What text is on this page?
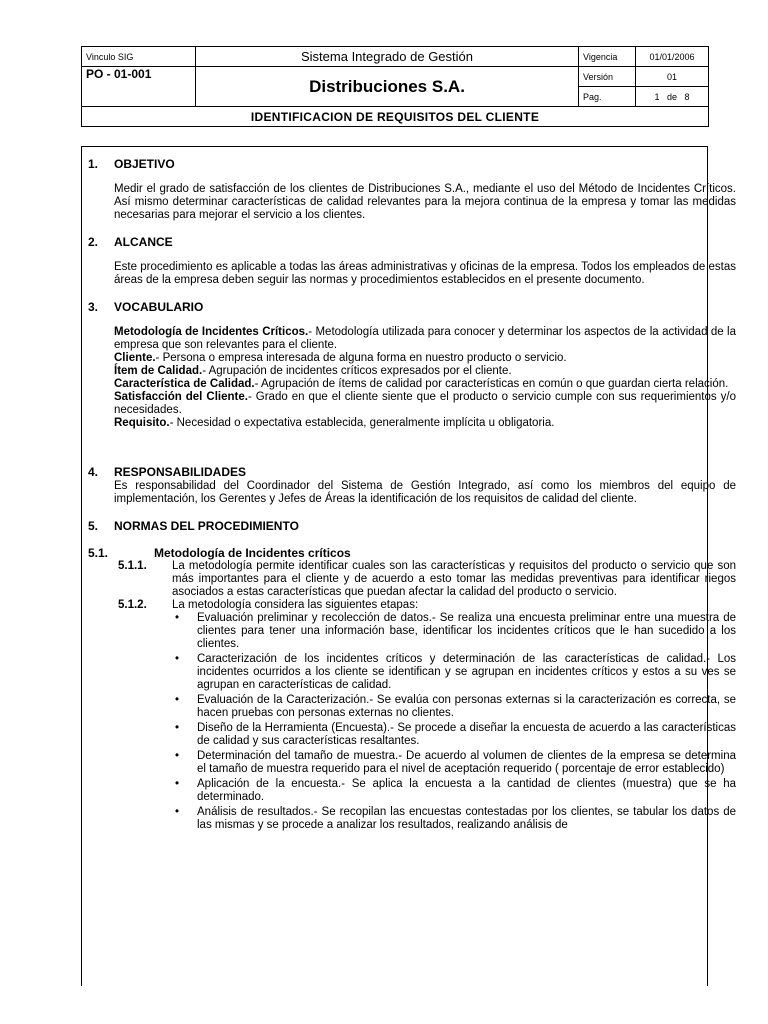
Vinculo SIG	Sistema Integrado de Gestión	Vigencia	01/01/2006
PO - 01-001	Distribuciones S.A.	Versión	01
		Pag.	1   de   8
IDENTIFICACION DE REQUISITOS DEL CLIENTE			
1. OBJETIVO
Medir el grado de satisfacción de los clientes de Distribuciones S.A., mediante el uso del Método de Incidentes Críticos. Así mismo determinar características de calidad relevantes para la mejora continua de la empresa y tomar las medidas necesarias para mejorar el servicio a los clientes.
2. ALCANCE
Este procedimiento es aplicable a todas las áreas administrativas y oficinas de la empresa. Todos los empleados de estas áreas de la empresa deben seguir las normas y procedimientos establecidos en el presente documento.
3. VOCABULARIO

Metodología de Incidentes Críticos.- Metodología utilizada para conocer y determinar los aspectos de la actividad de la empresa que son relevantes para el cliente.

Cliente.- Persona o empresa interesada de alguna forma en nuestro producto o servicio.

Ítem de Calidad.- Agrupación de incidentes críticos expresados por el cliente.

Característica de Calidad.- Agrupación de ítems de calidad por características en común o que guardan cierta relación.

Satisfacción del Cliente.- Grado en que el cliente siente que el producto o servicio cumple con sus requerimientos y/o necesidades.

Requisito.- Necesidad o expectativa establecida, generalmente implícita u obligatoria.

4. RESPONSABILIDADES
Es responsabilidad del Coordinador del Sistema de Gestión Integrado, así como los miembros del equipo de implementación, los Gerentes y Jefes de Áreas la identificación de los requisitos de calidad del cliente.
5. NORMAS DEL PROCEDIMIENTO
5.1.	Metodología de Incidentes críticos
5.1.1. La metodología permite identificar cuales son las características y requisitos del producto o servicio que son más importantes para el cliente y de acuerdo a esto tomar las medidas preventivas para identificar riegos asociados a estas características que puedan afectar la calidad del producto o servicio.
5.1.2. La metodología considera las siguientes etapas:
• Evaluación preliminar y recolección de datos.- Se realiza una encuesta preliminar entre una muestra de clientes para tener una información base, identificar los incidentes críticos que le han sucedido a los clientes.
• Caracterización de los incidentes críticos y determinación de las características de calidad.- Los incidentes ocurridos a los cliente se identifican y se agrupan en incidentes críticos y estos a su ves se agrupan en características de calidad.
• Evaluación de la Caracterización.- Se evalúa con personas externas si la caracterización es correcta, se hacen pruebas con personas externas no clientes.
• Diseño de la Herramienta (Encuesta).- Se procede a diseñar la encuesta de acuerdo a las características de calidad y sus características resaltantes.
• Determinación del tamaño de muestra.- De acuerdo al volumen de clientes de la empresa se determina el tamaño de muestra requerido para el nivel de aceptación requerido ( porcentaje de error establecido)
• Aplicación de la encuesta.- Se aplica la encuesta a la cantidad de clientes (muestra) que se ha determinado.
• Análisis de resultados.- Se recopilan las encuestas contestadas por los clientes, se tabular los datos de las mismas y se procede a analizar los resultados, realizando análisis de
